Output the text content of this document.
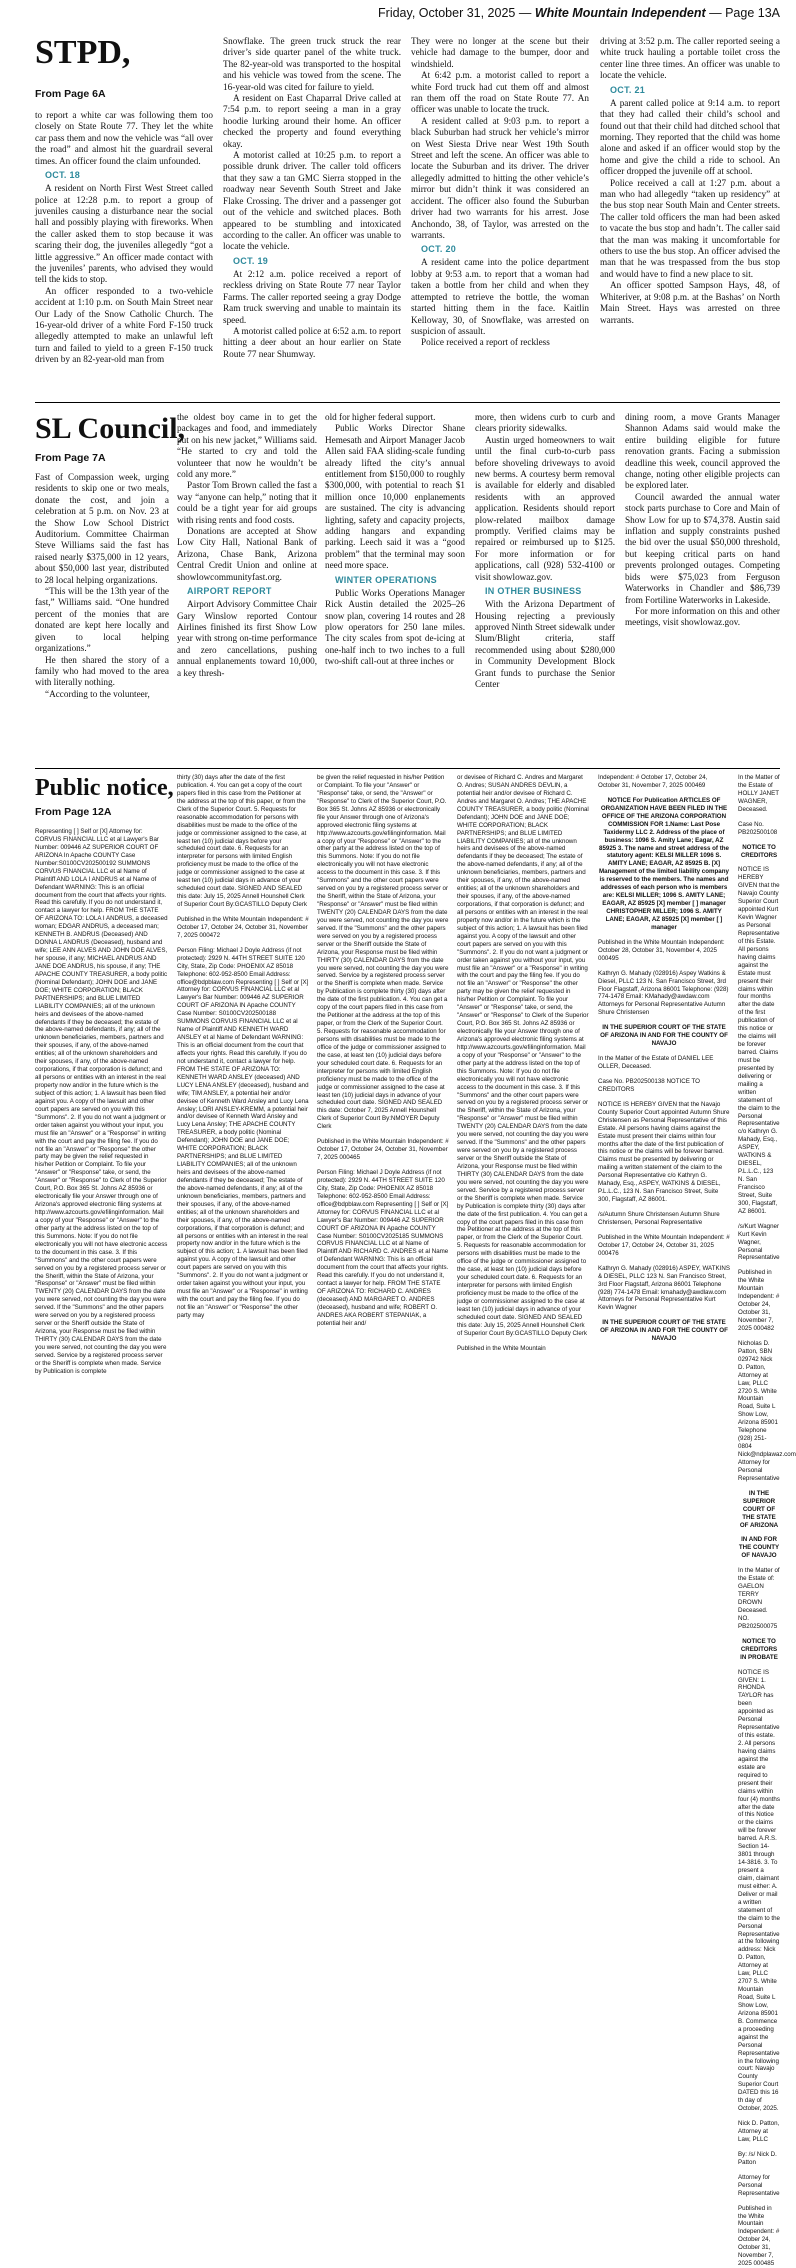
Friday, October 31, 2025 — White Mountain Independent — Page 13A
STPD,
From Page 6A

to report a white car was following them too closely on State Route 77. They let the white car pass them and now the vehicle was “all over the road” and almost hit the guardrail several times. An officer found the claim unfounded.

OCT. 18

A resident on North First West Street called police at 12:28 p.m. to report a group of juveniles causing a disturbance near the social hall and possibly playing with fireworks. When the caller asked them to stop because it was scaring their dog, the juveniles allegedly “got a little aggressive.” An officer made contact with the juveniles’ parents, who advised they would tell the kids to stop.

An officer responded to a two-vehicle accident at 1:10 p.m. on South Main Street near Our Lady of the Snow Catholic Church. The 16-year-old driver of a white Ford F-150 truck allegedly attempted to make an unlawful left turn and failed to yield to a green F-150 truck driven by an 82-year-old man from

Snowflake. The green truck struck the rear driver’s side quarter panel of the white truck. The 82-year-old was transported to the hospital and his vehicle was towed from the scene. The 16-year-old was cited for failure to yield.

A resident on East Chaparral Drive called at 7:54 p.m. to report seeing a man in a gray hoodie lurking around their home. An officer checked the property and found everything okay.

A motorist called at 10:25 p.m. to report a possible drunk driver. The caller told officers that they saw a tan GMC Sierra stopped in the roadway near Seventh South Street and Jake Flake Crossing. The driver and a passenger got out of the vehicle and switched places. Both appeared to be stumbling and intoxicated according to the caller. An officer was unable to locate the vehicle.

OCT. 19

At 2:12 a.m. police received a report of reckless driving on State Route 77 near Taylor Farms. The caller reported seeing a gray Dodge Ram truck swerving and unable to maintain its speed.

A motorist called police at 6:52 a.m. to report hitting a deer about an hour earlier on State Route 77 near Shumway.

They were no longer at the scene but their vehicle had damage to the bumper, door and windshield.

At 6:42 p.m. a motorist called to report a white Ford truck had cut them off and almost ran them off the road on State Route 77. An officer was unable to locate the truck.

A resident called at 9:03 p.m. to report a black Suburban had struck her vehicle’s mirror on West Siesta Drive near West 19th South Street and left the scene. An officer was able to locate the Suburban and its driver. The driver allegedly admitted to hitting the other vehicle’s mirror but didn’t think it was considered an accident. The officer also found the Suburban driver had two warrants for his arrest. Jose Anchondo, 38, of Taylor, was arrested on the warrants.

OCT. 20

A resident came into the police department lobby at 9:53 a.m. to report that a woman had taken a bottle from her child and when they attempted to retrieve the bottle, the woman started hitting them in the face. Kaitlin Kelloway, 30, of Snowflake, was arrested on suspicion of assault.

Police received a report of reckless

driving at 3:52 p.m. The caller reported seeing a white truck hauling a portable toilet cross the center line three times. An officer was unable to locate the vehicle.

OCT. 21

A parent called police at 9:14 a.m. to report that they had called their child’s school and found out that their child had ditched school that morning. They reported that the child was home alone and asked if an officer would stop by the home and give the child a ride to school. An officer dropped the juvenile off at school.

Police received a call at 1:27 p.m. about a man who had allegedly “taken up residency” at the bus stop near South Main and Center streets. The caller told officers the man had been asked to vacate the bus stop and hadn’t. The caller said that the man was making it uncomfortable for others to use the bus stop. An officer advised the man that he was trespassed from the bus stop and would have to find a new place to sit.

An officer spotted Sampson Hays, 48, of Whiteriver, at 9:08 p.m. at the Bashas’ on North Main Street. Hays was arrested on three warrants.

SL Council,
From Page 7A

Fast of Compassion week, urging residents to skip one or two meals, donate the cost, and join a celebration at 5 p.m. on Nov. 23 at the Show Low School District Auditorium. Committee Chairman Steve Williams said the fast has raised nearly $375,000 in 12 years, about $50,000 last year, distributed to 28 local helping organizations.

“This will be the 13th year of the fast,” Williams said. “One hundred percent of the monies that are donated are kept here locally and given to local helping organizations.”

He then shared the story of a family who had moved to the area with literally nothing.

“According to the volunteer,

the oldest boy came in to get the packages and food, and immediately put on his new jacket,” Williams said. “He started to cry and told the volunteer that now he wouldn’t be cold any more.”

Pastor Tom Brown called the fast a way “anyone can help,” noting that it could be a tight year for aid groups with rising rents and food costs.

Donations are accepted at Show Low City Hall, National Bank of Arizona, Chase Bank, Arizona Central Credit Union and online at showlowcommunityfast.org.

AIRPORT REPORT

Airport Advisory Committee Chair Gary Winslow reported Contour Airlines finished its first Show Low year with strong on-time performance and zero cancellations, pushing annual enplanements toward 10,000, a key thresh-

old for higher federal support.

Public Works Director Shane Hemesath and Airport Manager Jacob Allen said FAA sliding-scale funding already lifted the city’s annual entitlement from $150,000 to roughly $300,000, with potential to reach $1 million once 10,000 enplanements are sustained. The city is advancing lighting, safety and capacity projects, adding hangars and expanding parking. Leech said it was a “good problem” that the terminal may soon need more space.

WINTER OPERATIONS

Public Works Operations Manager Rick Austin detailed the 2025–26 snow plan, covering 14 routes and 28 plow operators for 250 lane miles. The city scales from spot de-icing at one-half inch to two inches to a full two-shift call-out at three inches or

more, then widens curb to curb and clears priority sidewalks.

Austin urged homeowners to wait until the final curb-to-curb pass before shoveling driveways to avoid new berms. A courtesy berm removal is available for elderly and disabled residents with an approved application. Residents should report plow-related mailbox damage promptly. Verified claims may be repaired or reimbursed up to $125. For more information or for applications, call (928) 532-4100 or visit showlowaz.gov.

IN OTHER BUSINESS

With the Arizona Department of Housing rejecting a previously approved Ninth Street sidewalk under Slum/Blight criteria, staff recommended using about $280,000 in Community Development Block Grant funds to purchase the Senior Center

dining room, a move Grants Manager Shannon Adams said would make the entire building eligible for future renovation grants. Facing a submission deadline this week, council approved the change, noting other eligible projects can be explored later.

Council awarded the annual water stock parts purchase to Core and Main of Show Low for up to $74,378. Austin said inflation and supply constraints pushed the bid over the usual $50,000 threshold, but keeping critical parts on hand prevents prolonged outages. Competing bids were $75,023 from Ferguson Waterworks in Chandler and $86,739 from Fortiline Waterworks in Lakeside.

For more information on this and other meetings, visit showlowaz.gov.

Public notice,
From Page 12A

Representing [ ] Self or [X] Attorney for: CORVUS FINANCIAL LLC et al Lawyer's Bar Number: 009446 AZ SUPERIOR COURT OF ARIZONA In Apache COUNTY Case Number:S0100CV202500192 SUMMONS CORVUS FINANCIAL LLC et al Name of Plaintiff AND LOLA I ANDRUS et al Name of Defendant WARNING: This is an official document from the court that affects your rights. Read this carefully. If you do not understand it, contact a lawyer for help. FROM THE STATE OF ARIZONA TO: LOLA I ANDRUS, a deceased woman; EDGAR ANDRUS, a deceased man; KENNETH B. ANDRUS (Deceased) AND DONNA L ANDRUS (Deceased), husband and wife; LEE ANN ALVES AND JOHN DOE ALVES, her spouse, if any; MICHAEL ANDRUS AND JANE DOE ANDRUS, his spouse, if any; THE APACHE COUNTY TREASURER, a body politic (Nominal Defendant); JOHN DOE and JANE DOE; WHITE CORPORATION; BLACK PARTNERSHIPS; and BLUE LIMITED LIABILITY COMPANIES; all of the unknown heirs and devisees of the above-named defendants if they be deceased; the estate of the above-named defendants, if any; all of the unknown beneficiaries, members, partners and their spouses, if any, of the above-named entities; all of the unknown shareholders and their spouses, if any, of the above-named corporations, if that corporation is defunct; and all persons or entities with an interest in the real property now and/or in the future which is the subject of this action; 1. A lawsuit has been filed against you. A copy of the lawsuit and other court papers are served on you with this "Summons". 2. If you do not want a judgment or order taken against you without your input, you must file an "Answer" or a "Response" in writing with the court and pay the filing fee. If you do not file an "Answer" or "Response" the other party may be given the relief requested in his/her Petition or Complaint. To file your "Answer" or "Response" take, or send, the "Answer" or "Response" to Clerk of the Superior Court, P.O. Box 365 St. Johns AZ 85936 or electronically file your Answer through one of Arizona's approved electronic filing systems at http://www.azcourts.gov/efilinginformation. Mail a copy of your "Response" or "Answer" to the other party at the address listed on the top of this Summons. Note: If you do not file electronically you will not have electronic access to the document in this case. 3. If this "Summons" and the other court papers were served on you by a registered process server or the Sheriff, within the State of Arizona, your "Response" or "Answer" must be filed within TWENTY (20) CALENDAR DAYS from the date you were served, not counting the day you were served. If the "Summons" and the other papers were served on you by a registered process server or the Sheriff outside the State of Arizona, your Response must be filed within THIRTY (30) CALENDAR DAYS from the date you were served, not counting the day you were served. Service by a registered process server or the Sheriff is complete when made. Service by Publication is complete

thirty (30) days after the date of the first publication. 4. You can get a copy of the court papers filed in this case from the Petitioner at the address at the top of this paper, or from the Clerk of the Superior Court. 5. Requests for reasonable accommodation for persons with disabilities must be made to the office of the judge or commissioner assigned to the case, at least ten (10) judicial days before your scheduled court date. 6. Requests for an interpreter for persons with limited English proficiency must be made to the office of the judge or commissioner assigned to the case at least ten (10) judicial days in advance of your scheduled court date. SIGNED AND SEALED this date: July 15, 2025 Annell Hounshell Clerk of Superior Court By:GCASTILLO Deputy Clerk

Published in the White Mountain Independent: # October 17, October 24, October 31, November 7, 2025 000472

Person Filing: Michael J Doyle Address (if not protected): 2929 N. 44TH STREET SUITE 120 City, State, Zip Code: PHOENIX AZ 85018 Telephone: 602-952-8500 Email Address: office@bdpblaw.com Representing [ ] Self or [X] Attorney for: CORVUS FINANCIAL LLC et al Lawyer's Bar Number: 009446 AZ SUPERIOR COURT OF ARIZONA IN Apache COUNTY Case Number: S0100CV202500188 SUMMONS CORVUS FINANCIAL LLC et al Name of Plaintiff AND KENNETH WARD ANSLEY et al Name of Defendant WARNING: This is an official document from the court that affects your rights. Read this carefully. If you do not understand it, contact a lawyer for help. FROM THE STATE OF ARIZONA TO: KENNETH WARD ANSLEY (deceased) AND LUCY LENA ANSLEY (deceased), husband and wife; TIM ANSLEY, a potential heir and/or devisee of Kenneth Ward Ansley and Lucy Lena Ansley; LORI ANSLEY-KREMM, a potential heir and/or devisee of Kenneth Ward Ansley and Lucy Lena Ansley; THE APACHE COUNTY TREASURER, a body politic (Nominal Defendant); JOHN DOE and JANE DOE; WHITE CORPORATION; BLACK PARTNERSHIPS; and BLUE LIMITED LIABILITY COMPANIES; all of the unknown heirs and devisees of the above-named defendants if they be deceased; The estate of the above-named defendants, if any; all of the unknown beneficiaries, members, partners and their spouses, if any, of the above-named entities; all of the unknown shareholders and their spouses, if any, of the above-named corporations, if that corporation is defunct; and all persons or entities with an interest in the real property now and/or in the future which is the subject of this action; 1. A lawsuit has been filed against you. A copy of the lawsuit and other court papers are served on you with this "Summons". 2. If you do not want a judgment or order taken against you without your input, you must file an "Answer" or a "Response" in writing with the court and pay the filing fee. If you do not file an "Answer" or "Response" the other party may

be given the relief requested in his/her Petition or Complaint. To file your "Answer" or "Response" take, or send, the "Answer" or "Response" to Clerk of the Superior Court, P.O. Box 365 St. Johns AZ 85936 or electronically file your Answer through one of Arizona's approved electronic filing systems at http://www.azcourts.gov/efilinginformation. Mail a copy of your "Response" or "Answer" to the other party at the address listed on the top of this Summons. Note: If you do not file electronically you will not have electronic access to the document in this case. 3. If this "Summons" and the other court papers were served on you by a registered process server or the Sheriff, within the State of Arizona, your "Response" or "Answer" must be filed within TWENTY (20) CALENDAR DAYS from the date you were served, not counting the day you were served. If the "Summons" and the other papers were served on you by a registered process server or the Sheriff outside the State of Arizona, your Response must be filed within THIRTY (30) CALENDAR DAYS from the date you were served, not counting the day you were served. Service by a registered process server or the Sheriff is complete when made. Service by Publication is complete thirty (30) days after the date of the first publication. 4. You can get a copy of the court papers filed in this case from the Petitioner at the address at the top of this paper, or from the Clerk of the Superior Court. 5. Requests for reasonable accommodation for persons with disabilities must be made to the office of the judge or commissioner assigned to the case, at least ten (10) judicial days before your scheduled court date. 6. Requests for an interpreter for persons with limited English proficiency must be made to the office of the judge or commissioner assigned to the case at least ten (10) judicial days in advance of your scheduled court date. SIGNED AND SEALED this date: October 7, 2025 Annell Hounshell Clerk of Superior Court By:NMOYER Deputy Clerk

Published in the White Mountain Independent: # October 17, October 24, October 31, November 7, 2025 000465

Person Filing: Michael J Doyle Address (if not protected): 2929 N. 44TH STREET SUITE 120 City, State, Zip Code: PHOENIX AZ 85018 Telephone: 602-952-8500 Email Address: office@bdpblaw.com Representing [ ] Self or [X] Attorney for: CORVUS FINANCIAL LLC et al Lawyer's Bar Number: 009446 AZ SUPERIOR COURT OF ARIZONA IN Apache COUNTY Case Number: S0100CV2025185 SUMMONS CORVUS FINANCIAL LLC et al Name of Plaintiff AND RICHARD C. ANDRES et al Name of Defendant WARNING: This is an official document from the court that affects your rights. Read this carefully. If you do not understand it, contact a lawyer for help. FROM THE STATE OF ARIZONA TO: RICHARD C. ANDRES (deceased) AND MARGARET O. ANDRES (deceased), husband and wife; ROBERT O. ANDRES AKA ROBERT STEPANIAK, a potential heir and/

or devisee of Richard C. Andres and Margaret O. Andres; SUSAN ANDRES DEVLIN, a potential heir and/or devisee of Richard C. Andres and Margaret O. Andres; THE APACHE COUNTY TREASURER, a body politic (Nominal Defendant); JOHN DOE and JANE DOE; WHITE CORPORATION; BLACK PARTNERSHIPS; and BLUE LIMITED LIABILITY COMPANIES; all of the unknown heirs and devisees of the above-named defendants if they be deceased; The estate of the above-named defendants, if any; all of the unknown beneficiaries, members, partners and their spouses, if any, of the above-named entities; all of the unknown shareholders and their spouses, if any, of the above-named corporations, if that corporation is defunct; and all persons or entities with an interest in the real property now and/or in the future which is the subject of this action; 1. A lawsuit has been filed against you. A copy of the lawsuit and other court papers are served on you with this "Summons". 2. If you do not want a judgment or order taken against you without your input, you must file an "Answer" or a "Response" in writing with the court and pay the filing fee. If you do not file an "Answer" or "Response" the other party may be given the relief requested in his/her Petition or Complaint. To file your "Answer" or "Response" take, or send, the "Answer" or "Response" to Clerk of the Superior Court, P.O. Box 365 St. Johns AZ 85936 or electronically file your Answer through one of Arizona's approved electronic filing systems at http://www.azcourts.gov/efilinginformation. Mail a copy of your "Response" or "Answer" to the other party at the address listed on the top of this Summons. Note: If you do not file electronically you will not have electronic access to the document in this case. 3. If this "Summons" and the other court papers were served on you by a registered process server or the Sheriff, within the State of Arizona, your "Response" or "Answer" must be filed within TWENTY (20) CALENDAR DAYS from the date you were served, not counting the day you were served. If the "Summons" and the other papers were served on you by a registered process server or the Sheriff outside the State of Arizona, your Response must be filed within THIRTY (30) CALENDAR DAYS from the date you were served, not counting the day you were served. Service by a registered process server or the Sheriff is complete when made. Service by Publication is complete thirty (30) days after the date of the first publication. 4. You can get a copy of the court papers filed in this case from the Petitioner at the address at the top of this paper, or from the Clerk of the Superior Court. 5. Requests for reasonable accommodation for persons with disabilities must be made to the office of the judge or commissioner assigned to the case, at least ten (10) judicial days before your scheduled court date. 6. Requests for an interpreter for persons with limited English proficiency must be made to the office of the judge or commissioner assigned to the case at least ten (10) judicial days in advance of your scheduled court date. SIGNED AND SEALED this date: July 15, 2025 Annell Hounshell Clerk of Superior Court By:GCASTILLO Deputy Clerk

Published in the White Mountain

Independent: # October 17, October 24, October 31, November 7, 2025 000469

NOTICE For Publication ARTICLES OF ORGANIZATION HAVE BEEN FILED IN THE OFFICE OF THE ARIZONA CORPORATION COMMISSION FOR 1.Name: Last Pose Taxidermy LLC 2. Address of the place of business: 1096 S. Amity Lane; Eagar, AZ 85925 3. The name and street address of the statutory agent: KELSI MILLER 1096 S. AMITY LANE; EAGAR, AZ 85925 B. [X] Management of the limited liability company is reserved to the members. The names and addresses of each person who is members are: KELSI MILLER; 1096 S. AMITY LANE; EAGAR, AZ 85925 [X] member [ ] manager CHRISTOPHER MILLER; 1096 S. AMITY LANE; EAGAR, AZ 85925 [X] member [ ] manager

Published in the White Mountain Independent: October 28, October 31, November 4, 2025 000495

Kathryn G. Mahady (028916) Aspey Watkins & Diesel, PLLC 123 N. San Francisco Street, 3rd Floor Flagstaff, Arizona 86001 Telephone: (928) 774-1478 Email: KMahady@awdaw.com Attorneys for Personal Representative Autumn Shure Christensen

IN THE SUPERIOR COURT OF THE STATE OF ARIZONA IN AND FOR THE COUNTY OF NAVAJO

In the Matter of the Estate of DANIEL LEE OLLER, Deceased.

Case No. PB202500138 NOTICE TO CREDITORS

NOTICE IS HEREBY GIVEN that the Navajo County Superior Court appointed Autumn Shure Christensen as Personal Representative of this Estate. All persons having claims against the Estate must present their claims within four months after the date of the first publication of this notice or the claims will be forever barred. Claims must be presented by delivering or mailing a written statement of the claim to the Personal Representative c/o Kathryn G. Mahady, Esq., ASPEY, WATKINS & DIESEL, P.L.L.C., 123 N. San Francisco Street, Suite 300, Flagstaff, AZ 86001.

/s/Autumn Shure Christensen Autumn Shure Christensen, Personal Representative

Published in the White Mountain Independent: # October 17, October 24, October 31, 2025 000476

Kathryn G. Mahady (028916) ASPEY, WATKINS & DIESEL, PLLC 123 N. San Francisco Street, 3rd Floor Flagstaff, Arizona 86001 Telephone (928) 774-1478 Email: kmahady@awdlaw.com Attorneys for Personal Representative Kurt Kevin Wagner

IN THE SUPERIOR COURT OF THE STATE OF ARIZONA IN AND FOR THE COUNTY OF NAVAJO

In the Matter of the Estate of HOLLY JANET WAGNER, Deceased.

Case No. PB202500108

NOTICE TO CREDITORS

NOTICE IS HEREBY GIVEN that the Navajo County Superior Court appointed Kurt Kevin Wagner as Personal Representative of this Estate. All persons having claims against the Estate must present their claims within four months after the date of the first publication of this notice or the claims will be forever barred. Claims must be presented by delivering or mailing a written statement of the claim to the Personal Representative c/o Kathryn G. Mahady, Esq., ASPEY, WATKINS & DIESEL, P.L.L.C., 123 N. San Francisco Street, Suite 300, Flagstaff, AZ 86001.

/s/Kurt Wagner Kurt Kevin Wagner, Personal Representative

Published in the White Mountain Independent: # October 24, October 31, November 7, 2025 000482

Nicholas D. Patton, SBN 029742 Nick D. Patton, Attorney at Law, PLLC 2720 S. White Mountain Road, Suite L Show Low, Arizona 85901 Telephone (928) 251-0804 Nick@ndplawaz.com Attorney for Personal Representative

IN THE SUPERIOR COURT OF THE STATE OF ARIZONA

IN AND FOR THE COUNTY OF NAVAJO

In the Matter of the Estate of: GAELON TERRY DROWN Deceased. NO. PB202500075

NOTICE TO CREDITORS IN PROBATE

NOTICE IS GIVEN: 1. RHONDA TAYLOR has been appointed as Personal Representative of this estate. 2. All persons having claims against the estate are required to present their claims within four (4) months after the date of this Notice or the claims will be forever barred. A.R.S. Section 14-3801 through 14-3816. 3. To present a claim, claimant must either: A. Deliver or mail a written statement of the claim to the Personal Representative at the following address: Nick D. Patton, Attorney at Law, PLLC 2707 S. White Mountain Road, Suite L Show Low, Arizona 85901 B. Commence a proceeding against the Personal Representative in the following court: Navajo County Superior Court DATED this 16 th day of October, 2025.

Nick D. Patton, Attorney at Law, PLLC

By: /s/ Nick D. Patton

Attorney for Personal Representative

Published in the White Mountain Independent: # October 24, October 31, November 7, 2025 000485
